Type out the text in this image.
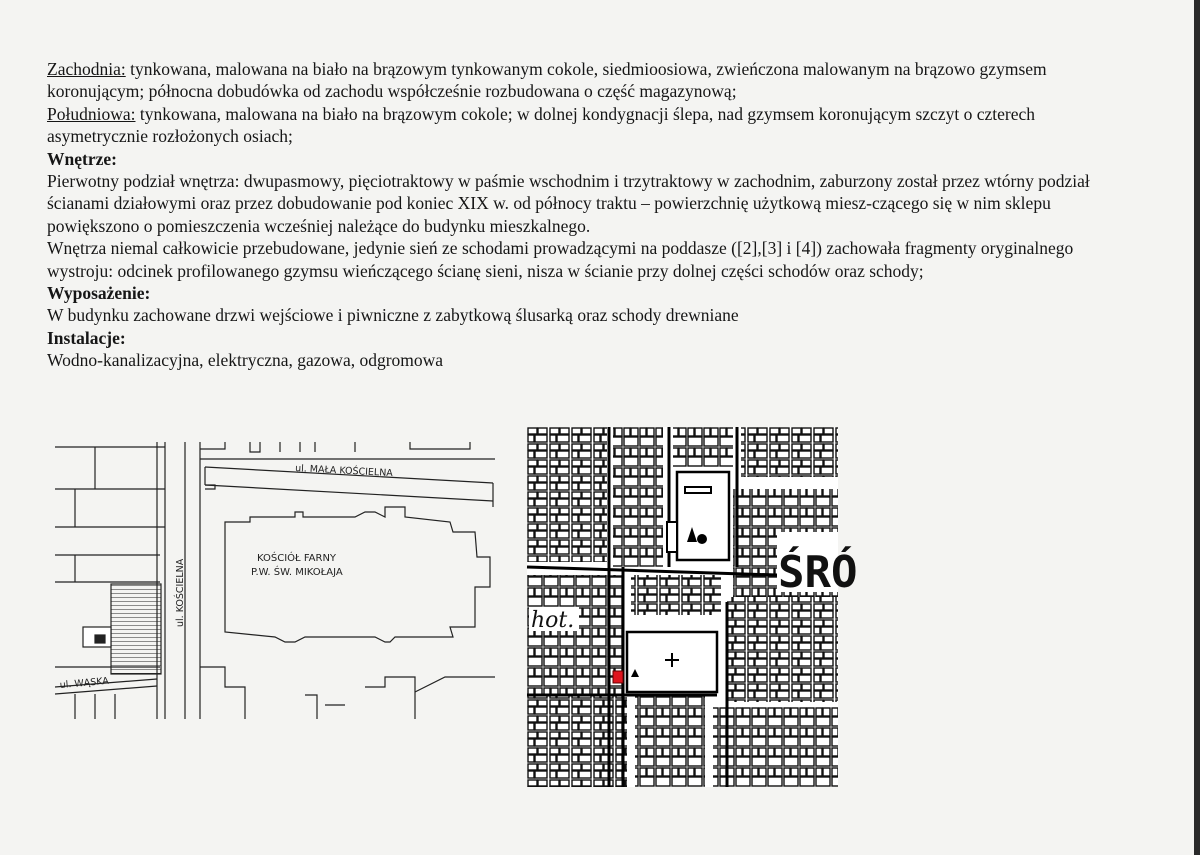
Zachodnia: tynkowana, malowana na biało na brązowym tynkowanym cokole, siedmioosiowa, zwieńczona malowanym na brązowo gzymsem koronującym; północna dobudówka od zachodu współcześnie rozbudowana o część magazynową;

Południowa: tynkowana, malowana na biało na brązowym cokole; w dolnej kondygnacji ślepa, nad gzymsem koronującym szczyt o czterech asymetrycznie rozłożonych osiach;

Wnętrze:

Pierwotny podział wnętrza: dwupasmowy, pięciotraktowy w paśmie wschodnim i trzytraktowy w zachodnim, zaburzony został przez wtórny podział ścianami działowymi oraz przez dobudowanie pod koniec XIX w. od północy traktu – powierzchnię użytkową miesz-czącego się w nim sklepu powiększono o pomieszczenia wcześniej należące do budynku mieszkalnego.

Wnętrza niemal całkowicie przebudowane, jedynie sień ze schodami prowadzącymi na poddasze ([2],[3] i [4]) zachowała fragmenty oryginalnego wystroju: odcinek profilowanego gzymsu wieńczącego ścianę sieni, nisza w ścianie przy dolnej części schodów oraz schody;

Wyposażenie:

W budynku zachowane drzwi wejściowe i piwniczne z zabytkową ślusarką oraz schody drewniane

Instalacje:

Wodno-kanalizacyjna, elektryczna, gazowa, odgromowa

ul. MAŁA KOŚCIELNA
ul. KOŚCIELNA
ul. WĄSKA
KOŚCIÓŁ FARNY
P.W. ŚW. MIKOŁAJA	ŚRÓ
hot.
